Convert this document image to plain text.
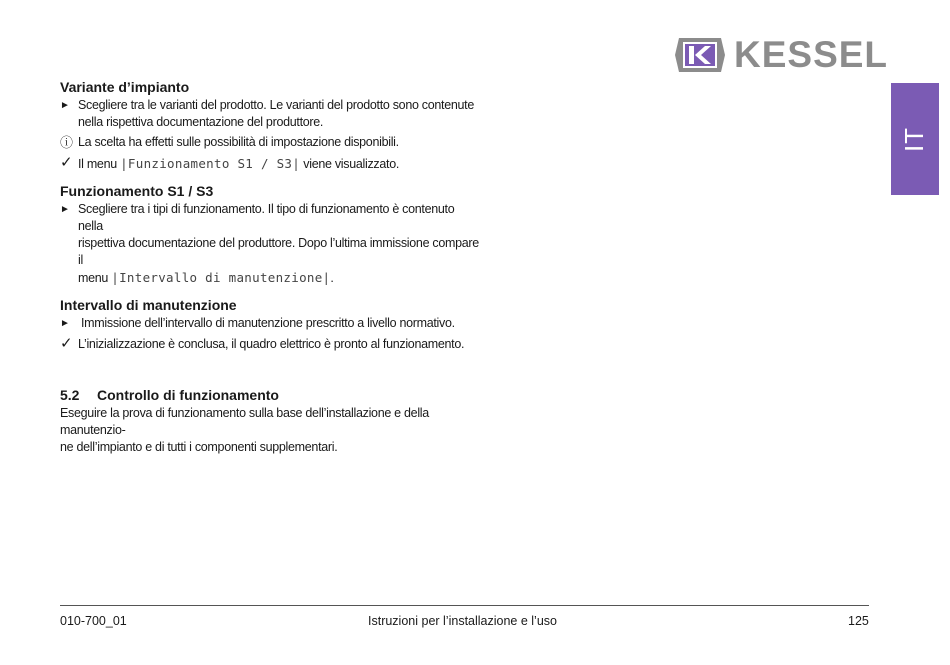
KESSEL
IT
Variante d’impianto
► Scegliere tra le varianti del prodotto. Le varianti del prodotto sono contenute
nella rispettiva documentazione del produttore.
ⓘ La scelta ha effetti sulle possibilità di impostazione disponibili.
✓ Il menu |Funzionamento S1 / S3| viene visualizzato.
Funzionamento S1 / S3
► Scegliere tra i tipi di funzionamento. Il tipo di funzionamento è contenuto nella
rispettiva documentazione del produttore. Dopo l’ultima immissione compare il
menu |Intervallo di manutenzione|.
Intervallo di manutenzione
► Immissione dell’intervallo di manutenzione prescritto a livello normativo.
✓ L’inizializzazione è conclusa, il quadro elettrico è pronto al funzionamento.
5.2 Controllo di funzionamento
Eseguire la prova di funzionamento sulla base dell’installazione e della manutenzio-
ne dell’impianto e di tutti i componenti supplementari.
010-700_01	Istruzioni per l’installazione e l’uso	125
